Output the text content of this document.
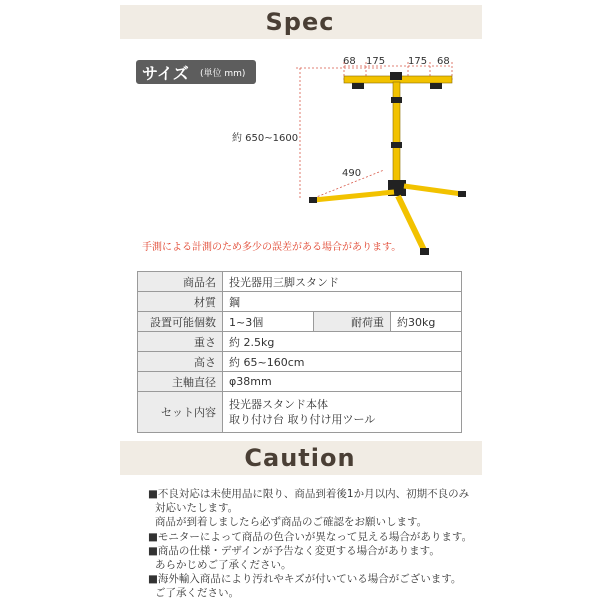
Spec
サイズ (単位 mm)
68 175 175 68
約 650~1600
490
手測による計測のため多少の誤差がある場合があります。
商品名	投光器用三脚スタンド		
材質	鋼		
設置可能個数	1~3個	耐荷重	約30kg
重さ	約 2.5kg		
高さ	約 65~160cm		
主軸直径	φ38mm		
セット内容	投光器スタンド本体
取り付け台 取り付け用ツール		
Caution
■不良対応は未使用品に限り、商品到着後1か月以内、初期不良のみ
対応いたします。
商品が到着しましたら必ず商品のご確認をお願いします。
■モニターによって商品の色合いが異なって見える場合があります。
■商品の仕様・デザインが予告なく変更する場合があります。
あらかじめご了承ください。
■海外輸入商品により汚れやキズが付いている場合がございます。
ご了承ください。
